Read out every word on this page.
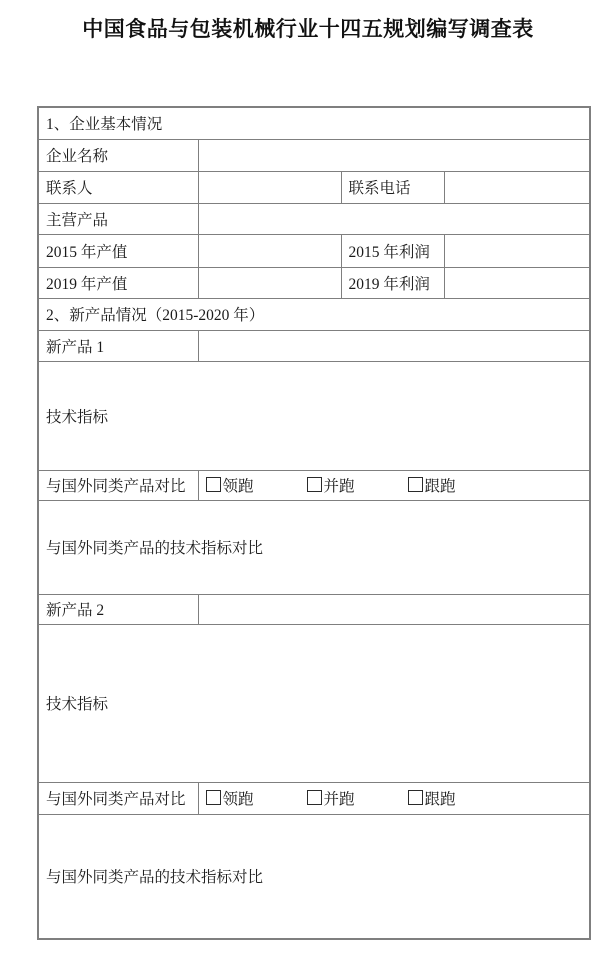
中国食品与包装机械行业十四五规划编写调查表
1、企业基本情况			
企业名称			
联系人		联系电话	
主营产品			
2015 年产值		2015 年利润	
2019 年产值		2019 年利润	
2、新产品情况（2015-2020 年）			
新产品 1			
技术指标			
与国外同类产品对比	领跑 并跑 跟跑		
与国外同类产品的技术指标对比			
新产品 2			
技术指标			
与国外同类产品对比	领跑 并跑 跟跑		
与国外同类产品的技术指标对比			
